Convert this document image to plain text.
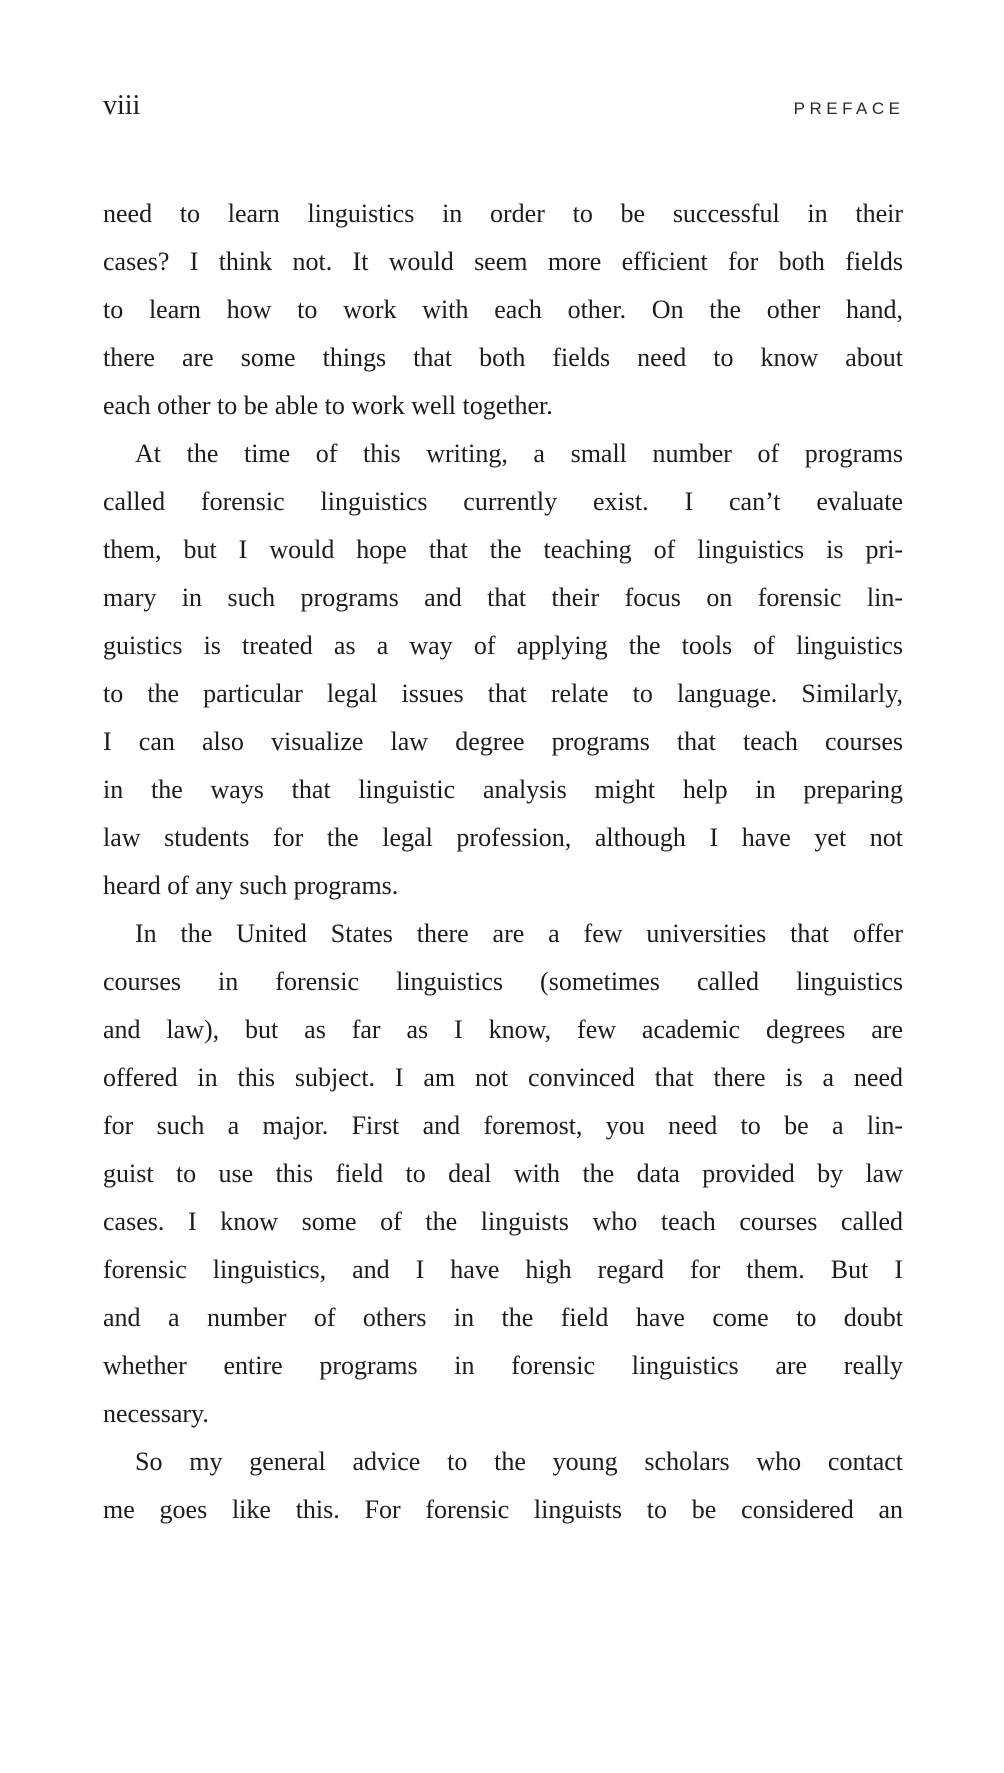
viii	PREFACE
need to learn linguistics in order to be successful in their
cases? I think not. It would seem more efficient for both fields
to learn how to work with each other. On the other hand,
there are some things that both fields need to know about
each other to be able to work well together.
At the time of this writing, a small number of programs
called forensic linguistics currently exist. I can’t evaluate
them, but I would hope that the teaching of linguistics is pri-
mary in such programs and that their focus on forensic lin-
guistics is treated as a way of applying the tools of linguistics
to the particular legal issues that relate to language. Similarly,
I can also visualize law degree programs that teach courses
in the ways that linguistic analysis might help in preparing
law students for the legal profession, although I have yet not
heard of any such programs.
In the United States there are a few universities that offer
courses in forensic linguistics (sometimes called linguistics
and law), but as far as I know, few academic degrees are
offered in this subject. I am not convinced that there is a need
for such a major. First and foremost, you need to be a lin-
guist to use this field to deal with the data provided by law
cases. I know some of the linguists who teach courses called
forensic linguistics, and I have high regard for them. But I
and a number of others in the field have come to doubt
whether entire programs in forensic linguistics are really
necessary.
So my general advice to the young scholars who contact
me goes like this. For forensic linguists to be considered an
